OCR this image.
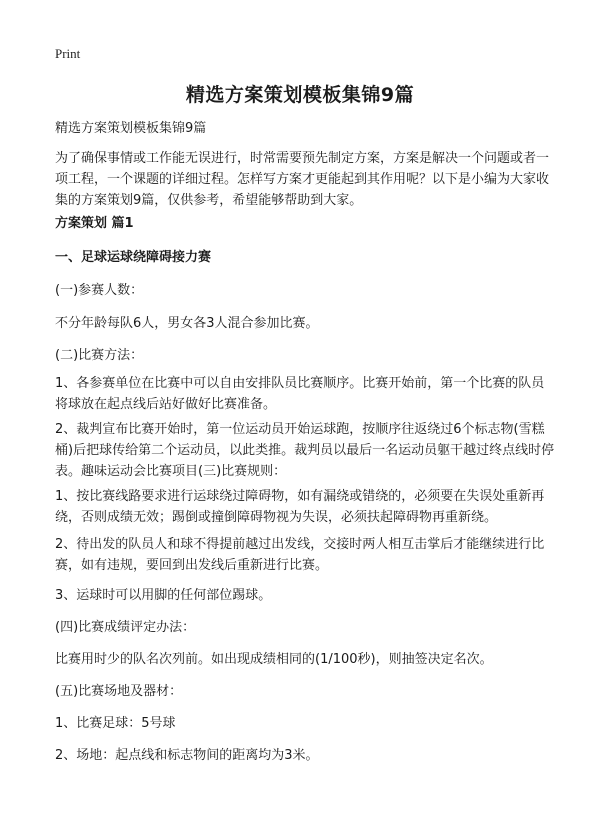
Print
精选方案策划模板集锦9篇
精选方案策划模板集锦9篇
为了确保事情或工作能无误进行，时常需要预先制定方案，方案是解决一个问题或者一项工程，一个课题的详细过程。怎样写方案才更能起到其作用呢？以下是小编为大家收集的方案策划9篇，仅供参考，希望能够帮助到大家。
方案策划 篇1
一、足球运球绕障碍接力赛
(一)参赛人数：
不分年龄每队6人，男女各3人混合参加比赛。
(二)比赛方法：
1、各参赛单位在比赛中可以自由安排队员比赛顺序。比赛开始前，第一个比赛的队员将球放在起点线后站好做好比赛准备。
2、裁判宣布比赛开始时，第一位运动员开始运球跑，按顺序往返绕过6个标志物(雪糕桶)后把球传给第二个运动员，以此类推。裁判员以最后一名运动员躯干越过终点线时停表。趣味运动会比赛项目(三)比赛规则：
1、按比赛线路要求进行运球绕过障碍物，如有漏绕或错绕的，必须要在失误处重新再绕，否则成绩无效；踢倒或撞倒障碍物视为失误，必须扶起障碍物再重新绕。
2、待出发的队员人和球不得提前越过出发线，交接时两人相互击掌后才能继续进行比赛，如有违规，要回到出发线后重新进行比赛。
3、运球时可以用脚的任何部位踢球。
(四)比赛成绩评定办法：
比赛用时少的队名次列前。如出现成绩相同的(1/100秒)，则抽签决定名次。
(五)比赛场地及器材：
1、比赛足球：5号球
2、场地：起点线和标志物间的距离均为3米。
